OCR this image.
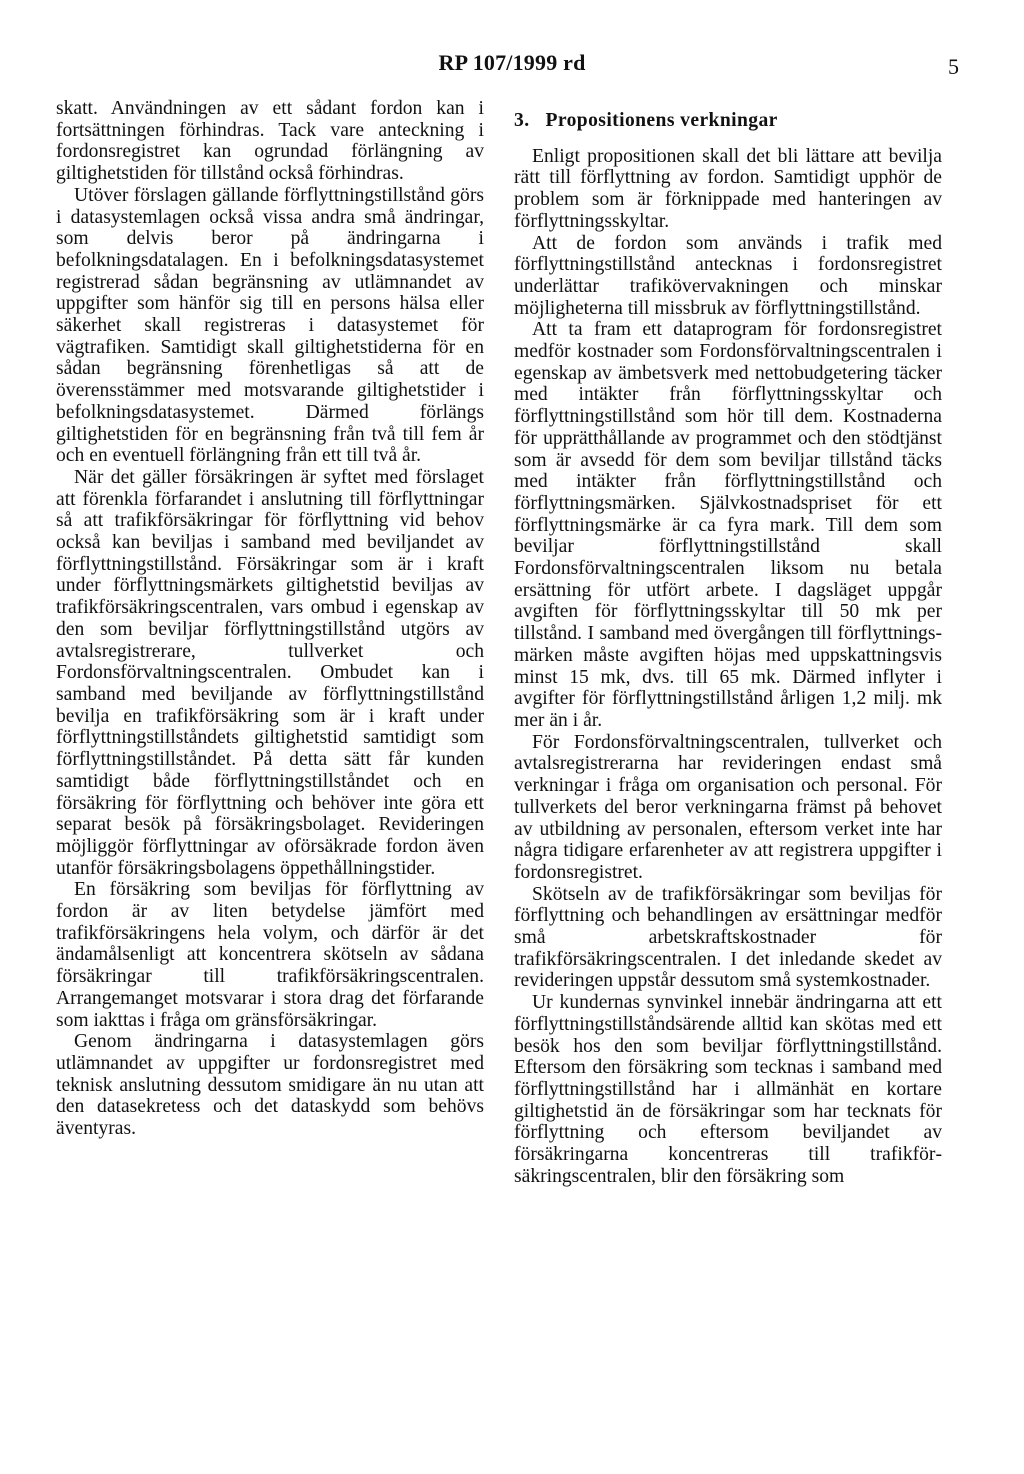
RP 107/1999 rd	5

skatt. Användningen av ett sådant fordon kan i fortsättningen förhindras. Tack vare anteckning i fordonsregistret kan ogrundad förlängning av giltighetstiden för tillstånd också förhindras.

Utöver förslagen gällande förflyttningstillstånd görs i datasystemlagen också vissa andra små ändringar, som delvis beror på ändringarna i befolkningsdatalagen. En i befolkningsdatasystemet registrerad sådan begränsning av utlämnandet av uppgifter som hänför sig till en persons hälsa eller säkerhet skall registreras i datasystemet för vägtrafiken. Samtidigt skall giltighetstiderna för en sådan begränsning förenhetligas så att de överensstämmer med motsvarande giltighetstider i befolkningsdatasystemet. Därmed förlängs giltighetstiden för en begränsning från två till fem år och en eventuell förlängning från ett till två år.

När det gäller försäkringen är syftet med förslaget att förenkla förfarandet i anslutning till förflyttningar så att trafikförsäkringar för förflyttning vid behov också kan beviljas i samband med beviljandet av förflyttningstillstånd. Försäkringar som är i kraft under förflyttningsmärkets giltighetstid beviljas av trafikförsäkringscentralen, vars ombud i egenskap av den som beviljar förflyttningstillstånd utgörs av avtalsregistrerare, tullverket och Fordonsförvaltningscentralen. Ombudet kan i samband med beviljande av förflyttningstillstånd bevilja en trafikförsäkring som är i kraft under förflyttningstillståndets giltighetstid samtidigt som förflyttningstillståndet. På detta sätt får kunden samtidigt både förflyttningstillståndet och en försäkring för förflyttning och behöver inte göra ett separat besök på försäkringsbolaget. Revideringen möjliggör förflyttningar av oförsäkrade fordon även utanför försäkringsbolagens öppethållningstider.

En försäkring som beviljas för förflyttning av fordon är av liten betydelse jämfört med trafikförsäkringens hela volym, och därför är det ändamålsenligt att koncentrera skötseln av sådana försäkringar till trafikförsäkringscentralen. Arrangemanget motsvarar i stora drag det förfarande som iakttas i fråga om gränsförsäkringar.

Genom ändringarna i datasystemlagen görs utlämnandet av uppgifter ur fordonsregistret med teknisk anslutning dessutom smidigare än nu utan att den datasekretess och det dataskydd som behövs äventyras.

3. Propositionens verkningar

Enligt propositionen skall det bli lättare att bevilja rätt till förflyttning av fordon. Samtidigt upphör de problem som är förknippade med hanteringen av förflyttningsskyltar.

Att de fordon som används i trafik med förflyttningstillstånd antecknas i fordonsregistret underlättar trafikövervakningen och minskar möjligheterna till missbruk av förflyttningstillstånd.

Att ta fram ett dataprogram för fordonsregistret medför kostnader som Fordonsförvaltningscentralen i egenskap av ämbetsverk med nettobudgetering täcker med intäkter från förflyttningsskyltar och förflyttningstillstånd som hör till dem. Kostnaderna för upprätthållande av programmet och den stödtjänst som är avsedd för dem som beviljar tillstånd täcks med intäkter från förflyttningstillstånd och förflyttningsmärken. Självkostnadspriset för ett förflyttningsmärke är ca fyra mark. Till dem som beviljar förflyttningstillstånd skall Fordonsförvaltningscentralen liksom nu betala ersättning för utfört arbete. I dagsläget uppgår avgiften för förflyttningsskyltar till 50 mk per tillstånd. I samband med övergången till förflyttningsmärken måste avgiften höjas med uppskattningsvis minst 15 mk, dvs. till 65 mk. Därmed inflyter i avgifter för förflyttningstillstånd årligen 1,2 milj. mk mer än i år.

För Fordonsförvaltningscentralen, tullverket och avtalsregistrerarna har revideringen endast små verkningar i fråga om organisation och personal. För tullverkets del beror verkningarna främst på behovet av utbildning av personalen, eftersom verket inte har några tidigare erfarenheter av att registrera uppgifter i fordonsregistret.

Skötseln av de trafikförsäkringar som beviljas för förflyttning och behandlingen av ersättningar medför små arbetskraftskostnader för trafikförsäkringscentralen. I det inledande skedet av revideringen uppstår dessutom små systemkostnader.

Ur kundernas synvinkel innebär ändringarna att ett förflyttningstillståndsärende alltid kan skötas med ett besök hos den som beviljar förflyttningstillstånd. Eftersom den försäkring som tecknas i samband med förflyttningstillstånd har i allmänhät en kortare giltighetstid än de försäkringar som har tecknats för förflyttning och eftersom beviljandet av försäkringarna koncentreras till trafikförsäkringscentralen, blir den försäkring som
